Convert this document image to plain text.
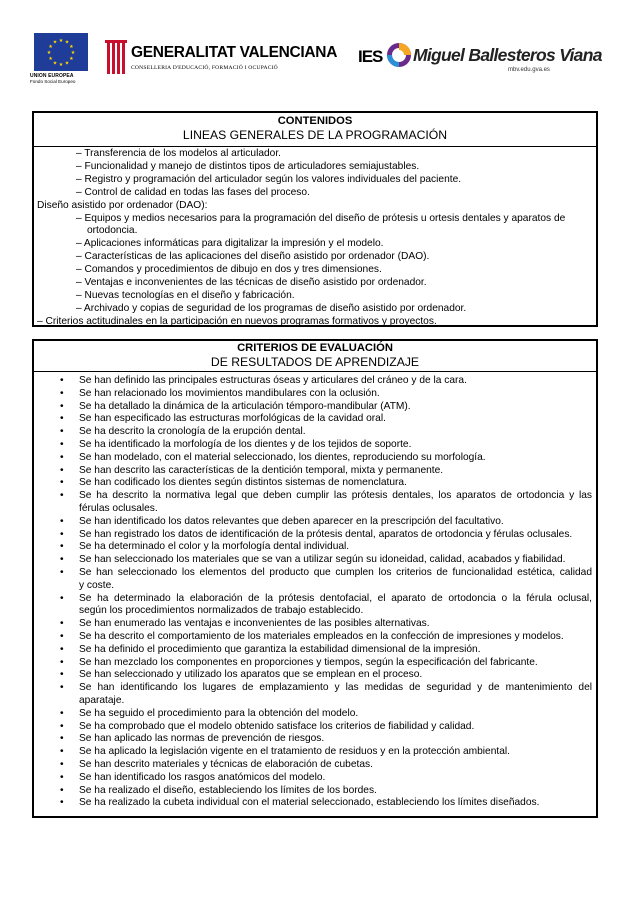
★ ★
★
★
★
★
★
★
★
★
★
★
UNION EUROPEA
Fondo Social Europeo
GENERALITAT VALENCIANA
CONSELLERIA D'EDUCACIÓ, FORMACIÓ I OCUPACIÓ
IES Miguel Ballesteros Viana
mbv.edu.gva.es
CONTENIDOS
LINEAS GENERALES DE LA PROGRAMACIÓN
– Transferencia de los modelos al articulador.
– Funcionalidad y manejo de distintos tipos de articuladores semiajustables.
– Registro y programación del articulador según los valores individuales del paciente.
– Control de calidad en todas las fases del proceso.
Diseño asistido por ordenador (DAO):
– Equipos y medios necesarios para la programación del diseño de prótesis u ortesis dentales y aparatos de
ortodoncia.
– Aplicaciones informáticas para digitalizar la impresión y el modelo.
– Características de las aplicaciones del diseño asistido por ordenador (DAO).
– Comandos y procedimientos de dibujo en dos y tres dimensiones.
– Ventajas e inconvenientes de las técnicas de diseño asistido por ordenador.
– Nuevas tecnologías en el diseño y fabricación.
– Archivado y copias de seguridad de los programas de diseño asistido por ordenador.
– Criterios actitudinales en la participación en nuevos programas formativos y proyectos.
CRITERIOS DE EVALUACIÓN
DE RESULTADOS DE APRENDIZAJE
• Se han definido las principales estructuras óseas y articulares del cráneo y de la cara.
• Se han relacionado los movimientos mandibulares con la oclusión.
• Se ha detallado la dinámica de la articulación témporo-mandibular (ATM).
• Se han especificado las estructuras morfológicas de la cavidad oral.
• Se ha descrito la cronología de la erupción dental.
• Se ha identificado la morfología de los dientes y de los tejidos de soporte.
• Se han modelado, con el material seleccionado, los dientes, reproduciendo su morfología.
• Se han descrito las características de la dentición temporal, mixta y permanente.
• Se han codificado los dientes según distintos sistemas de nomenclatura.
• Se ha descrito la normativa legal que deben cumplir las prótesis dentales, los aparatos de ortodoncia y las
férulas oclusales.
• Se han identificado los datos relevantes que deben aparecer en la prescripción del facultativo.
• Se han registrado los datos de identificación de la prótesis dental, aparatos de ortodoncia y férulas oclusales.
• Se ha determinado el color y la morfología dental individual.
• Se han seleccionado los materiales que se van a utilizar según su idoneidad, calidad, acabados y fiabilidad.
• Se han seleccionado los elementos del producto que cumplen los criterios de funcionalidad estética, calidad
y coste.
• Se ha determinado la elaboración de la prótesis dentofacial, el aparato de ortodoncia o la férula oclusal,
según los procedimientos normalizados de trabajo establecido.
• Se han enumerado las ventajas e inconvenientes de las posibles alternativas.
• Se ha descrito el comportamiento de los materiales empleados en la confección de impresiones y modelos.
• Se ha definido el procedimiento que garantiza la estabilidad dimensional de la impresión.
• Se han mezclado los componentes en proporciones y tiempos, según la especificación del fabricante.
• Se han seleccionado y utilizado los aparatos que se emplean en el proceso.
• Se han identificando los lugares de emplazamiento y las medidas de seguridad y de mantenimiento del
aparataje.
• Se ha seguido el procedimiento para la obtención del modelo.
• Se ha comprobado que el modelo obtenido satisface los criterios de fiabilidad y calidad.
• Se han aplicado las normas de prevención de riesgos.
• Se ha aplicado la legislación vigente en el tratamiento de residuos y en la protección ambiental.
• Se han descrito materiales y técnicas de elaboración de cubetas.
• Se han identificado los rasgos anatómicos del modelo.
• Se ha realizado el diseño, estableciendo los límites de los bordes.
• Se ha realizado la cubeta individual con el material seleccionado, estableciendo los límites diseñados.
